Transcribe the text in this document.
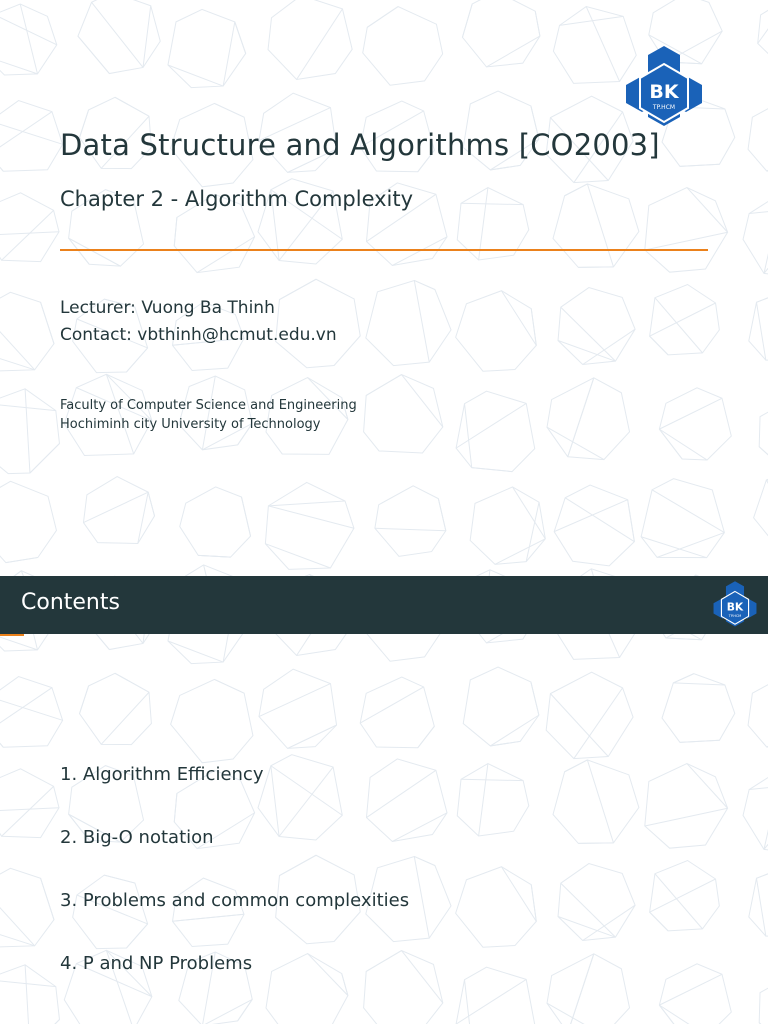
BK
TP.HCM
Data Structure and Algorithms [CO2003]
Chapter 2 - Algorithm Complexity
Lecturer: Vuong Ba Thinh
Contact: vbthinh@hcmut.edu.vn
Faculty of Computer Science and Engineering
Hochiminh city University of Technology
Contents	BK
TP.HCM
1. Algorithm Efficiency
2. Big-O notation
3. Problems and common complexities
4. P and NP Problems
